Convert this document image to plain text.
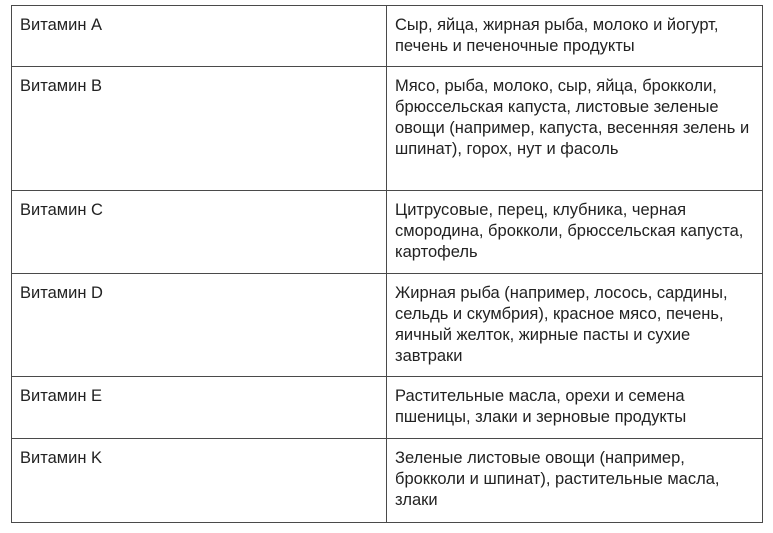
Витамин A	Сыр, яйца, жирная рыба, молоко и йогурт, печень и печеночные продукты
Витамин B	Мясо, рыба, молоко, сыр, яйца, брокколи, брюссельская капуста, листовые зеленые овощи (например, капуста, весенняя зелень и шпинат), горох, нут и фасоль
Витамин C	Цитрусовые, перец, клубника, черная смородина, брокколи, брюссельская капуста, картофель
Витамин D	Жирная рыба (например, лосось, сардины, сельдь и скумбрия), красное мясо, печень, яичный желток, жирные пасты и сухие завтраки
Витамин E	Растительные масла, орехи и семена пшеницы, злаки и зерновые продукты
Витамин K	Зеленые листовые овощи (например, брокколи и шпинат), растительные масла, злаки
